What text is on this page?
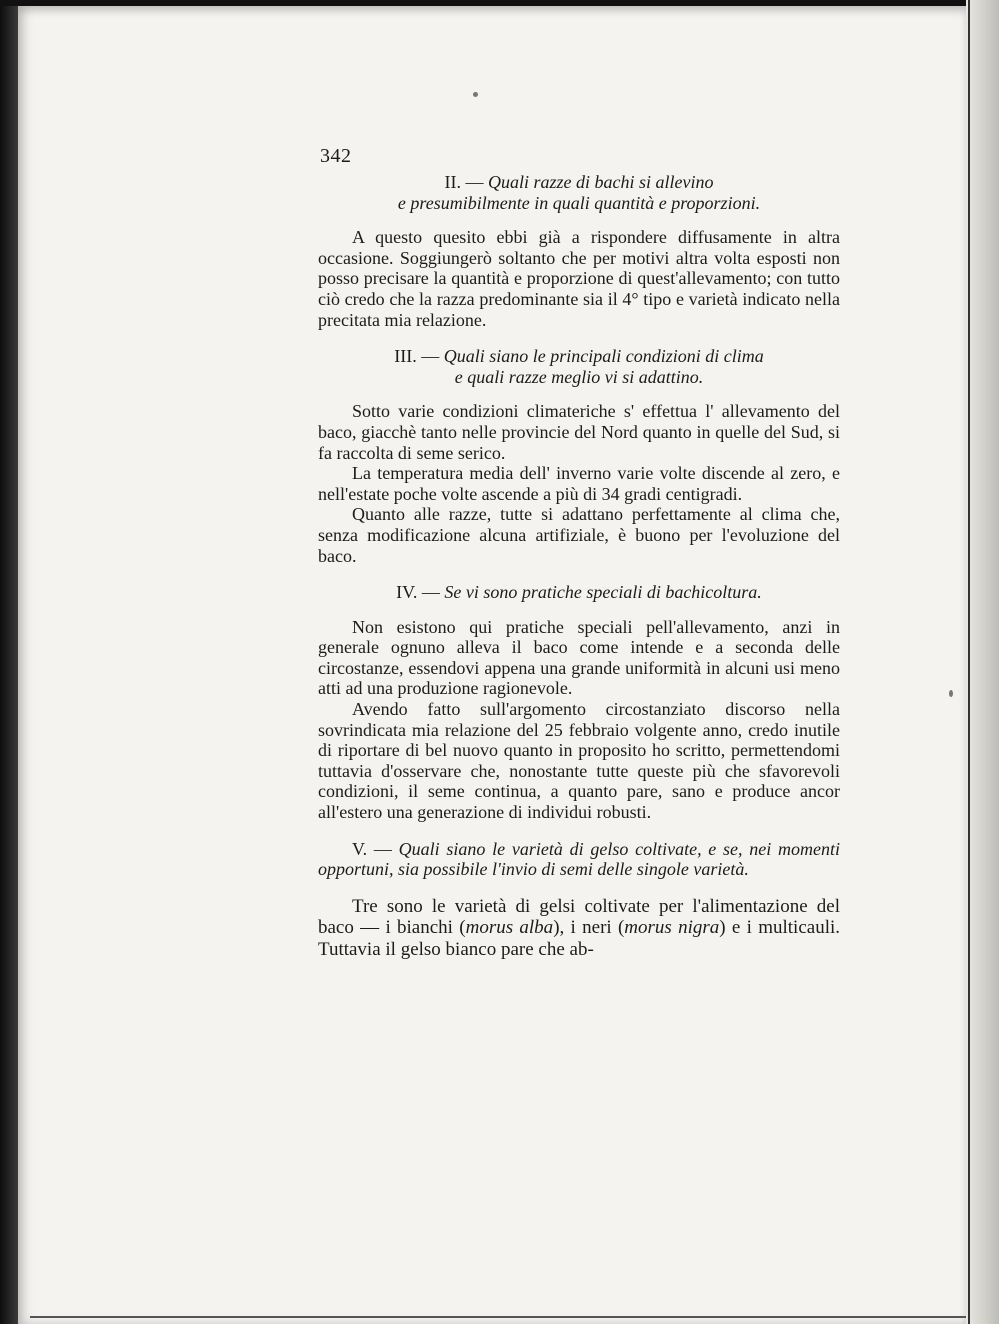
342
II. — Quali razze di bachi si allevino
e presumibilmente in quali quantità e proporzioni.

A questo quesito ebbi già a rispondere diffusamente in altra occasione. Soggiungerò soltanto che per motivi altra volta esposti non posso precisare la quantità e proporzione di quest'allevamento; con tutto ciò credo che la razza predominante sia il 4° tipo e varietà indicato nella precitata mia relazione.

III. — Quali siano le principali condizioni di clima
e quali razze meglio vi si adattino.

Sotto varie condizioni climateriche s' effettua l' allevamento del baco, giacchè tanto nelle provincie del Nord quanto in quelle del Sud, si fa raccolta di seme serico.

La temperatura media dell' inverno varie volte discende al zero, e nell'estate poche volte ascende a più di 34 gradi centigradi.

Quanto alle razze, tutte si adattano perfettamente al clima che, senza modificazione alcuna artifiziale, è buono per l'evoluzione del baco.

IV. — Se vi sono pratiche speciali di bachicoltura.

Non esistono qui pratiche speciali pell'allevamento, anzi in generale ognuno alleva il baco come intende e a seconda delle circostanze, essendovi appena una grande uniformità in alcuni usi meno atti ad una produzione ragionevole.

Avendo fatto sull'argomento circostanziato discorso nella sovrindicata mia relazione del 25 febbraio volgente anno, credo inutile di riportare di bel nuovo quanto in proposito ho scritto, permettendomi tuttavia d'osservare che, nonostante tutte queste più che sfavorevoli condizioni, il seme continua, a quanto pare, sano e produce ancor all'estero una generazione di individui robusti.

V. — Quali siano le varietà di gelso coltivate, e se, nei momenti opportuni, sia possibile l'invio di semi delle singole varietà.

Tre sono le varietà di gelsi coltivate per l'alimentazione del baco — i bianchi (morus alba), i neri (morus nigra) e i multicauli. Tuttavia il gelso bianco pare che ab-
